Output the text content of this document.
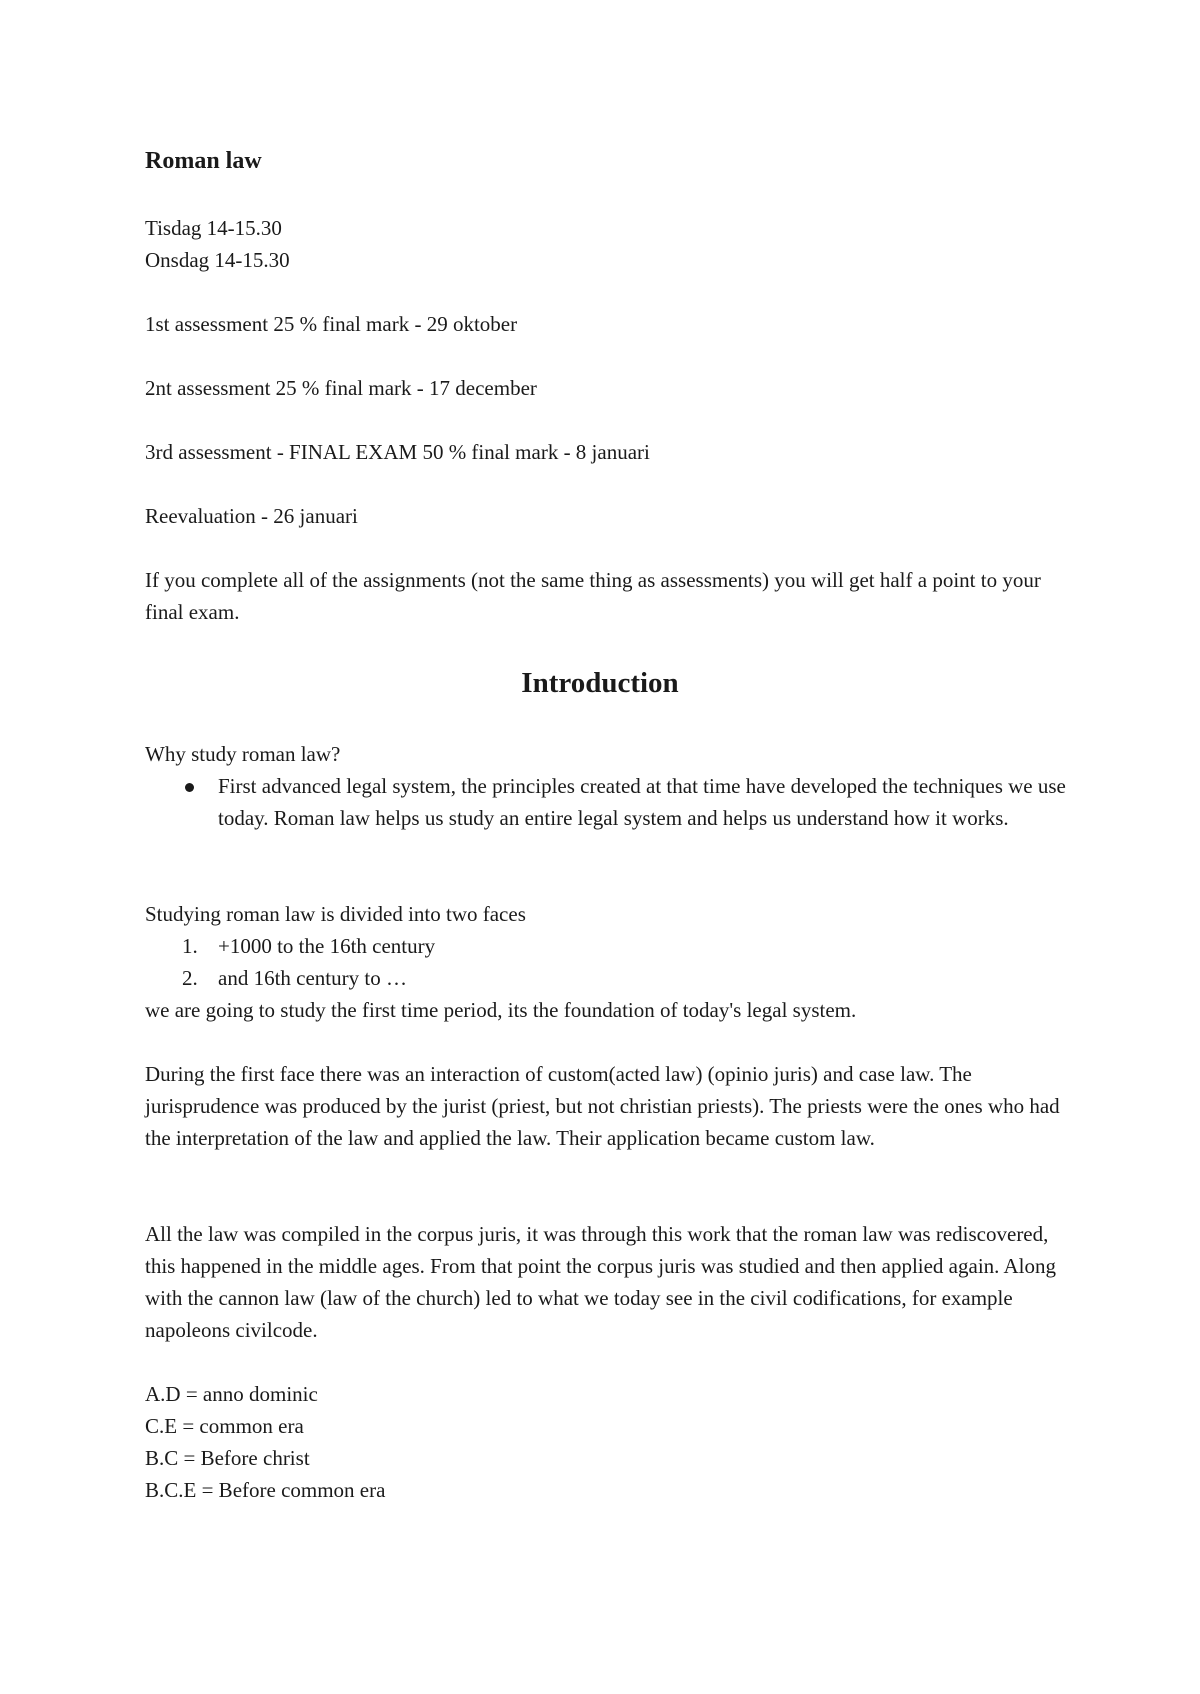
Roman law

Tisdag 14-15.30

Onsdag 14-15.30

1st assessment 25 % final mark - 29 oktober

2nt assessment 25 % final mark - 17 december

3rd assessment - FINAL EXAM 50 % final mark - 8 januari

Reevaluation - 26 januari

If you complete all of the assignments (not the same thing as assessments) you will get half a point to your final exam.

Introduction

Why study roman law?

First advanced legal system, the principles created at that time have developed the techniques we use today. Roman law helps us study an entire legal system and helps us understand how it works.

Studying roman law is divided into two faces

1. +1000 to the 16th century
2. and 16th century to …

we are going to study the first time period, its the foundation of today's legal system.

During the first face there was an interaction of custom(acted law) (opinio juris) and case law. The jurisprudence was produced by the jurist (priest, but not christian priests). The priests were the ones who had the interpretation of the law and applied the law. Their application became custom law.

All the law was compiled in the corpus juris, it was through this work that the roman law was rediscovered, this happened in the middle ages. From that point the corpus juris was studied and then applied again. Along with the cannon law (law of the church) led to what we today see in the civil codifications, for example napoleons civilcode.

A.D = anno dominic

C.E = common era

B.C = Before christ

B.C.E = Before common era
